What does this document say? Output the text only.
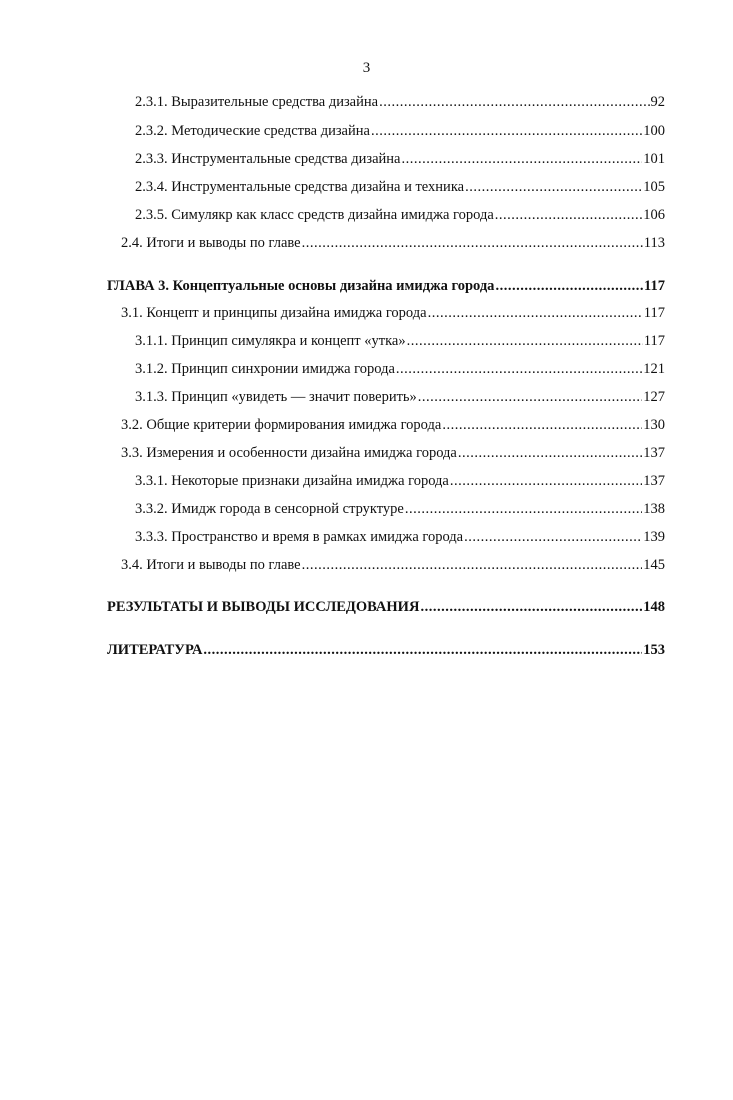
3
2.3.1. Выразительные средства дизайна .....	92
2.3.2. Методические средства дизайна .....	100
2.3.3. Инструментальные средства дизайна .....	101
2.3.4. Инструментальные средства дизайна и техника .....	105
2.3.5. Симулякр как класс средств дизайна имиджа города .....	106
2.4. Итоги и выводы по главе .....	113
ГЛАВА 3. Концептуальные основы дизайна имиджа города .....	117
3.1. Концепт и принципы дизайна имиджа города .....	117
3.1.1. Принцип симулякра и концепт «утка» .....	117
3.1.2. Принцип синхронии имиджа города .....	121
3.1.3. Принцип «увидеть — значит поверить» .....	127
3.2. Общие критерии формирования имиджа города .....	130
3.3. Измерения и особенности дизайна имиджа города .....	137
3.3.1. Некоторые признаки дизайна имиджа города .....	137
3.3.2. Имидж города в сенсорной структуре .....	138
3.3.3. Пространство и время в рамках имиджа города .....	139
3.4. Итоги и выводы по главе .....	145
РЕЗУЛЬТАТЫ И ВЫВОДЫ ИССЛЕДОВАНИЯ .....	148
ЛИТЕРАТУРА .....	153
